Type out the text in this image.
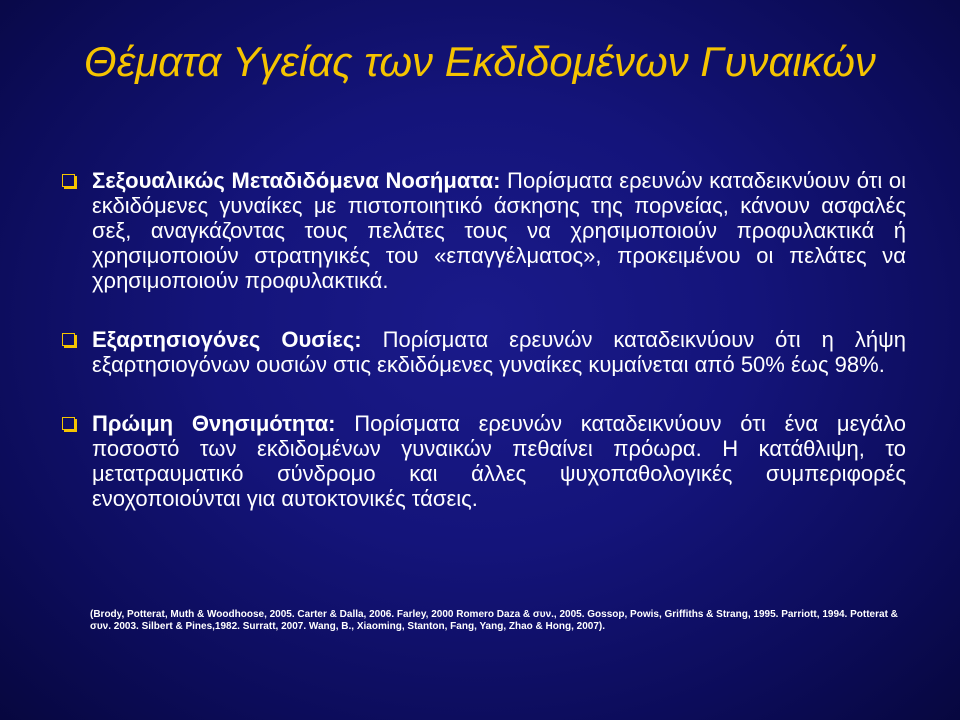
Θέματα Υγείας των Εκδιδομένων Γυναικών
Σεξουαλικώς Μεταδιδόμενα Νοσήματα: Πορίσματα ερευνών καταδεικνύουν ότι οι εκδιδόμενες γυναίκες με πιστοποιητικό άσκησης της πορνείας, κάνουν ασφαλές σεξ, αναγκάζοντας τους πελάτες τους να χρησιμοποιούν προφυλακτικά ή χρησιμοποιούν στρατηγικές του «επαγγέλματος», προκειμένου οι πελάτες να χρησιμοποιούν προφυλακτικά.
Εξαρτησιογόνες Ουσίες: Πορίσματα ερευνών καταδεικνύουν ότι η λήψη εξαρτησιογόνων ουσιών στις εκδιδόμενες γυναίκες κυμαίνεται από 50% έως 98%.
Πρώιμη Θνησιμότητα: Πορίσματα ερευνών καταδεικνύουν ότι ένα μεγάλο ποσοστό των εκδιδομένων γυναικών πεθαίνει πρόωρα. Η κατάθλιψη, το μετατραυματικό σύνδρομο και άλλες ψυχοπαθολογικές συμπεριφορές ενοχοποιούνται για αυτοκτονικές τάσεις.
(Brody, Potterat, Muth & Woodhoose, 2005. Carter & Dalla, 2006. Farley, 2000 Romero Daza & συν., 2005. Gossop, Powis, Griffiths & Strang, 1995. Parriott, 1994. Potterat & συν. 2003. Silbert & Pines,1982. Surratt, 2007. Wang, B., Xiaoming, Stanton, Fang, Yang, Zhao & Hong, 2007).
